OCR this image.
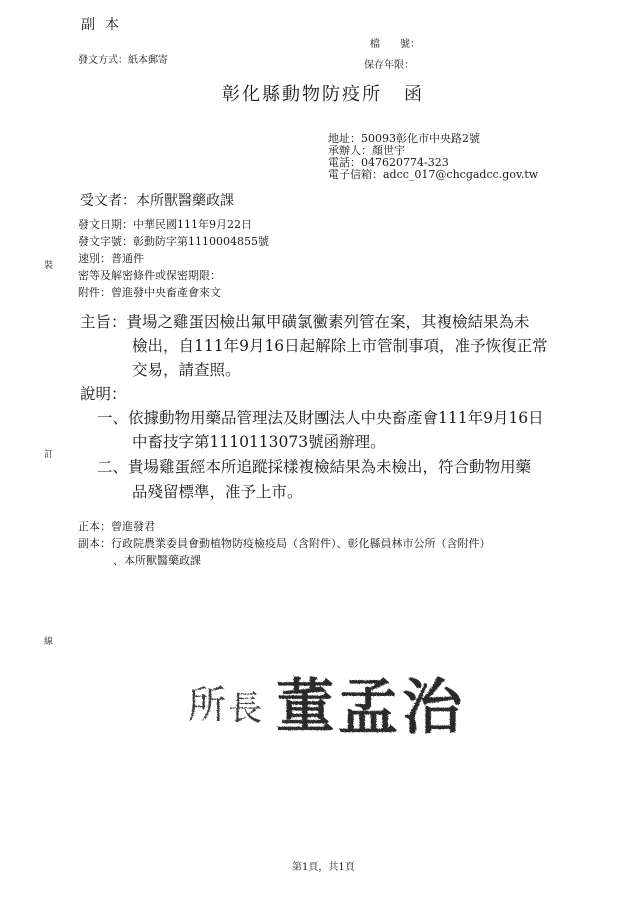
副本
發文方式：紙本郵寄
檔　　號：
保存年限：
彰化縣動物防疫所 函
地址：50093彰化市中央路2號
承辦人：顏世宇
電話：047620774-323
電子信箱：adcc_017@chcgadcc.gov.tw
受文者：本所獸醫藥政課
發文日期：中華民國111年9月22日
發文字號：彰動防字第1110004855號
速別：普通件
密等及解密條件或保密期限：
附件：曾進發中央畜產會來文
主旨：貴場之雞蛋因檢出氟甲磺氯黴素列管在案，其複檢結果為未
檢出，自111年9月16日起解除上市管制事項，准予恢復正常
交易，請查照。
說明：
一、依據動物用藥品管理法及財團法人中央畜產會111年9月16日
中畜技字第1110113073號函辦理。
二、貴場雞蛋經本所追蹤採樣複檢結果為未檢出，符合動物用藥
品殘留標準，准予上市。
正本：曾進發君
副本：行政院農業委員會動植物防疫檢疫局（含附件）、彰化縣員林市公所（含附件）
、本所獸醫藥政課
裝
訂
線
所 長 董 孟 治
第1頁，共1頁
